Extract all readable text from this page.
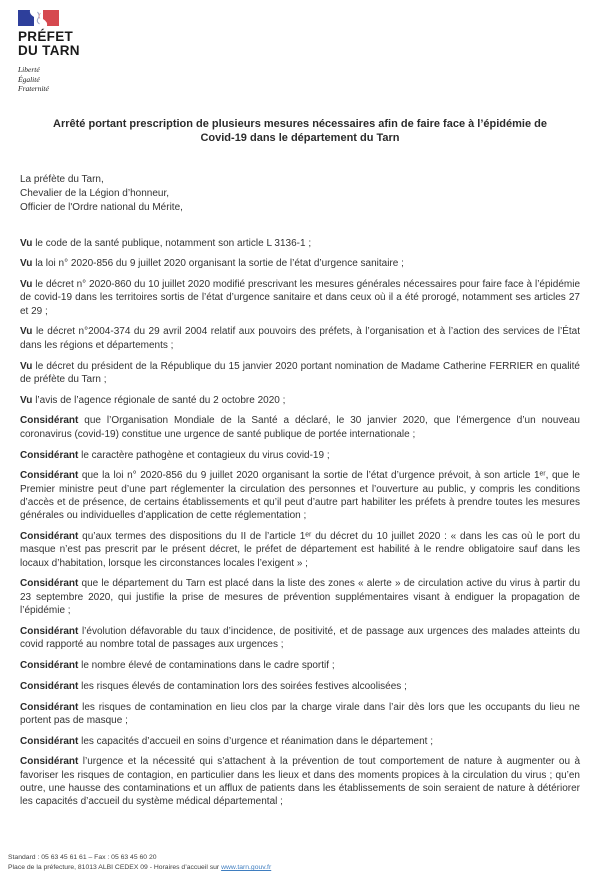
PRÉFET
DU TARN
Liberté
Égalité
Fraternité
Arrêté portant prescription de plusieurs mesures nécessaires afin de faire face à l’épidémie de Covid-19 dans le département du Tarn
La préfète du Tarn,
Chevalier de la Légion d’honneur,
Officier de l'Ordre national du Mérite,

Vu le code de la santé publique, notamment son article L 3136-1 ;

Vu la loi n° 2020-856 du 9 juillet 2020 organisant la sortie de l’état d’urgence sanitaire ;

Vu le décret n° 2020-860 du 10 juillet 2020 modifié prescrivant les mesures générales nécessaires pour faire face à l’épidémie de covid-19 dans les territoires sortis de l’état d’urgence sanitaire et dans ceux où il a été prorogé, notamment ses articles 27 et 29 ;

Vu le décret n°2004-374 du 29 avril 2004 relatif aux pouvoirs des préfets, à l’organisation et à l’action des services de l’État dans les régions et départements ;

Vu le décret du président de la République du 15 janvier 2020 portant nomination de Madame Catherine FERRIER en qualité de préfète du Tarn ;

Vu l’avis de l’agence régionale de santé du 2 octobre 2020 ;

Considérant que l’Organisation Mondiale de la Santé a déclaré, le 30 janvier 2020, que l’émergence d’un nouveau coronavirus (covid-19) constitue une urgence de santé publique de portée internationale ;

Considérant le caractère pathogène et contagieux du virus covid-19 ;

Considérant que la loi n° 2020-856 du 9 juillet 2020 organisant la sortie de l’état d’urgence prévoit, à son article 1ᵉʳ, que le Premier ministre peut d’une part réglementer la circulation des personnes et l’ouverture au public, y compris les conditions d’accès et de présence, de certains établissements et qu’il peut d’autre part habiliter les préfets à prendre toutes les mesures générales ou individuelles d’application de cette réglementation ;

Considérant qu’aux termes des dispositions du II de l’article 1ᵉʳ du décret du 10 juillet 2020 : « dans les cas où le port du masque n’est pas prescrit par le présent décret, le préfet de département est habilité à le rendre obligatoire sauf dans les locaux d’habitation, lorsque les circonstances locales l’exigent » ;

Considérant que le département du Tarn est placé dans la liste des zones « alerte » de circulation active du virus à partir du 23 septembre 2020, qui justifie la prise de mesures de prévention supplémentaires visant à endiguer la propagation de l’épidémie ;

Considérant l’évolution défavorable du taux d’incidence, de positivité, et de passage aux urgences des malades atteints du covid rapporté au nombre total de passages aux urgences ;

Considérant le nombre élevé de contaminations dans le cadre sportif ;

Considérant les risques élevés de contamination lors des soirées festives alcoolisées ;

Considérant les risques de contamination en lieu clos par la charge virale dans l’air dès lors que les occupants du lieu ne portent pas de masque ;

Considérant les capacités d’accueil en soins d’urgence et réanimation dans le département ;

Considérant l’urgence et la nécessité qui s’attachent à la prévention de tout comportement de nature à augmenter ou à favoriser les risques de contagion, en particulier dans les lieux et dans des moments propices à la circulation du virus ; qu’en outre, une hausse des contaminations et un afflux de patients dans les établissements de soin seraient de nature à détériorer les capacités d’accueil du système médical départemental ;

Standard : 05 63 45 61 61 – Fax : 05 63 45 60 20
Place de la préfecture, 81013 ALBI CEDEX 09 - Horaires d’accueil sur www.tarn.gouv.fr
